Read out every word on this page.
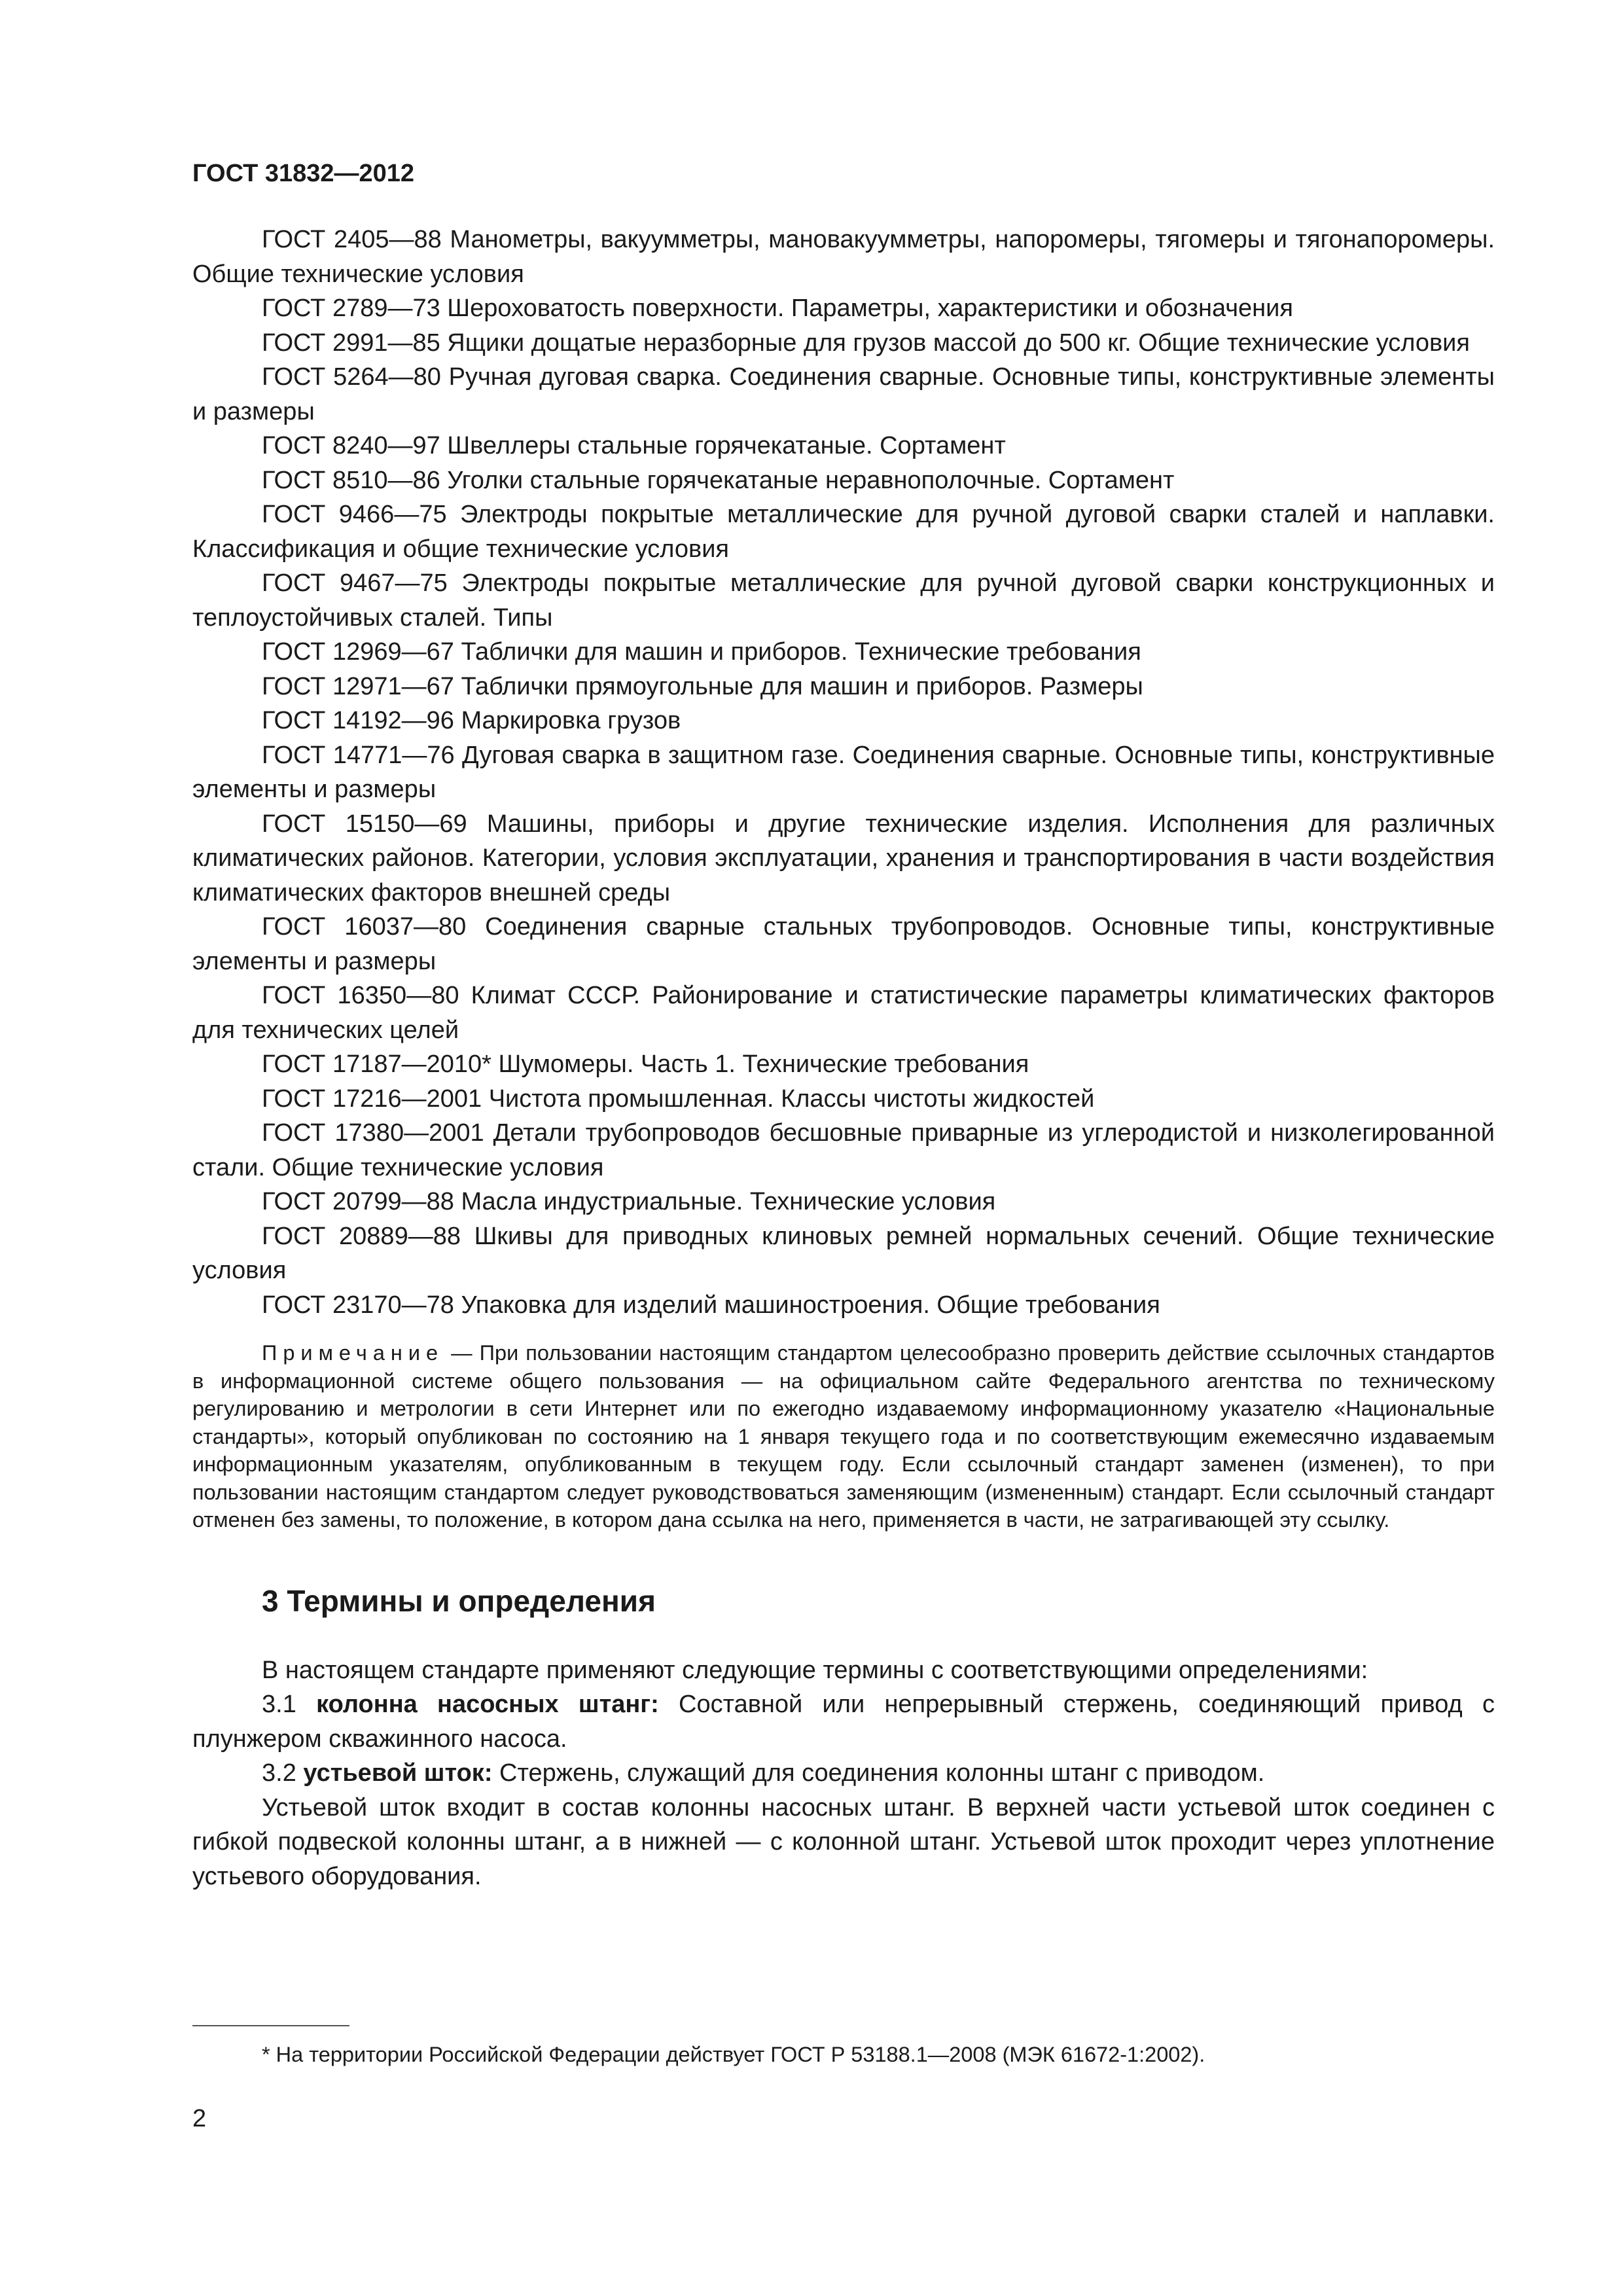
ГОСТ 31832—2012

ГОСТ 2405—88 Манометры, вакуумметры, мановакуумметры, напоромеры, тягомеры и тягонапоромеры. Общие технические условия

ГОСТ 2789—73 Шероховатость поверхности. Параметры, характеристики и обозначения

ГОСТ 2991—85 Ящики дощатые неразборные для грузов массой до 500 кг. Общие технические условия

ГОСТ 5264—80 Ручная дуговая сварка. Соединения сварные. Основные типы, конструктивные элементы и размеры

ГОСТ 8240—97 Швеллеры стальные горячекатаные. Сортамент

ГОСТ 8510—86 Уголки стальные горячекатаные неравнополочные. Сортамент

ГОСТ 9466—75 Электроды покрытые металлические для ручной дуговой сварки сталей и наплавки. Классификация и общие технические условия

ГОСТ 9467—75 Электроды покрытые металлические для ручной дуговой сварки конструкционных и теплоустойчивых сталей. Типы

ГОСТ 12969—67 Таблички для машин и приборов. Технические требования

ГОСТ 12971—67 Таблички прямоугольные для машин и приборов. Размеры

ГОСТ 14192—96 Маркировка грузов

ГОСТ 14771—76 Дуговая сварка в защитном газе. Соединения сварные. Основные типы, конструктивные элементы и размеры

ГОСТ 15150—69 Машины, приборы и другие технические изделия. Исполнения для различных климатических районов. Категории, условия эксплуатации, хранения и транспортирования в части воздействия климатических факторов внешней среды

ГОСТ 16037—80 Соединения сварные стальных трубопроводов. Основные типы, конструктивные элементы и размеры

ГОСТ 16350—80 Климат СССР. Районирование и статистические параметры климатических факторов для технических целей

ГОСТ 17187—2010* Шумомеры. Часть 1. Технические требования

ГОСТ 17216—2001 Чистота промышленная. Классы чистоты жидкостей

ГОСТ 17380—2001 Детали трубопроводов бесшовные приварные из углеродистой и низколегированной стали. Общие технические условия

ГОСТ 20799—88 Масла индустриальные. Технические условия

ГОСТ 20889—88 Шкивы для приводных клиновых ремней нормальных сечений. Общие технические условия

ГОСТ 23170—78 Упаковка для изделий машиностроения. Общие требования

Примечание — При пользовании настоящим стандартом целесообразно проверить действие ссылочных стандартов в информационной системе общего пользования — на официальном сайте Федерального агентства по техническому регулированию и метрологии в сети Интернет или по ежегодно издаваемому информационному указателю «Национальные стандарты», который опубликован по состоянию на 1 января текущего года и по соответствующим ежемесячно издаваемым информационным указателям, опубликованным в текущем году. Если ссылочный стандарт заменен (изменен), то при пользовании настоящим стандартом следует руководствоваться заменяющим (измененным) стандарт. Если ссылочный стандарт отменен без замены, то положение, в котором дана ссылка на него, применяется в части, не затрагивающей эту ссылку.
3 Термины и определения

В настоящем стандарте применяют следующие термины с соответствующими определениями:

3.1 колонна насосных штанг: Составной или непрерывный стержень, соединяющий привод с плунжером скважинного насоса.

3.2 устьевой шток: Стержень, служащий для соединения колонны штанг с приводом.

Устьевой шток входит в состав колонны насосных штанг. В верхней части устьевой шток соединен с гибкой подвеской колонны штанг, а в нижней — с колонной штанг. Устьевой шток проходит через уплотнение устьевого оборудования.

* На территории Российской Федерации действует ГОСТ Р 53188.1—2008 (МЭК 61672-1:2002).
2
